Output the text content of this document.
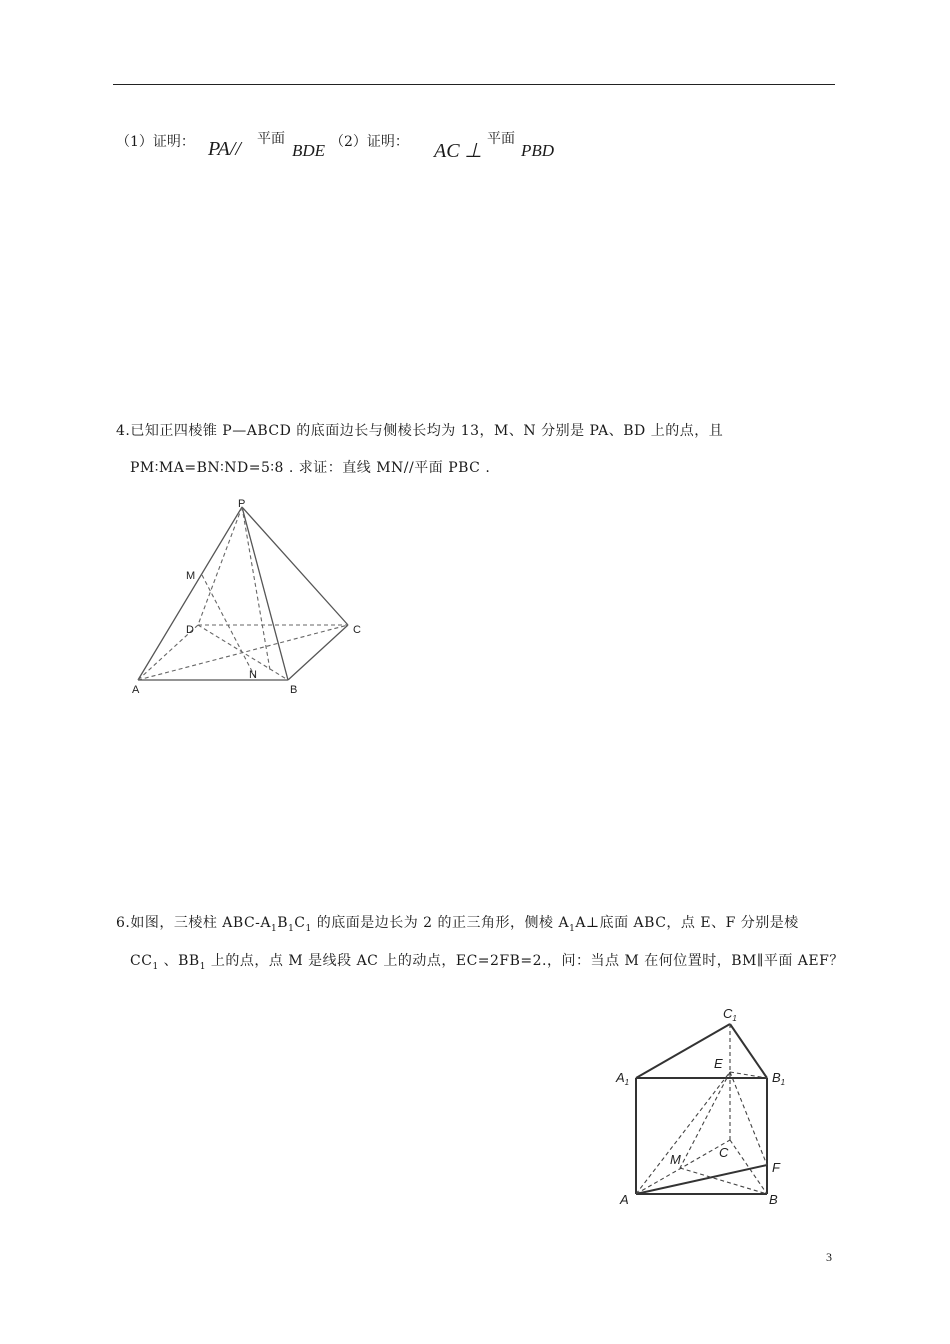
（1）证明： PA// 平面
BDE （2）证明： AC ⊥
平面
PBD
4.已知正四棱锥 P—ABCD 的底面边长与侧棱长均为 13，M、N 分别是 PA、BD 上的点，且
PM∶MA=BN∶ND=5∶8 . 求证：直线 MN//平面 PBC .
P
M
D	C
A
N
B
6.如图，三棱柱 ABC-$A_1B_1C_1$ 的底面是边长为 2 的正三角形，侧棱 $A_1A\perp$底面 ABC，点 E、F 分别是棱
$CC_1$ 、$BB_1$ 上的点，点 M 是线段 AC 上的动点，EC=2FB=2.，问：当点 M 在何位置时，BM∥平面 AEF？
$C_1$
$A_1$	$B_1$
E
C
M
F
A	B
3
